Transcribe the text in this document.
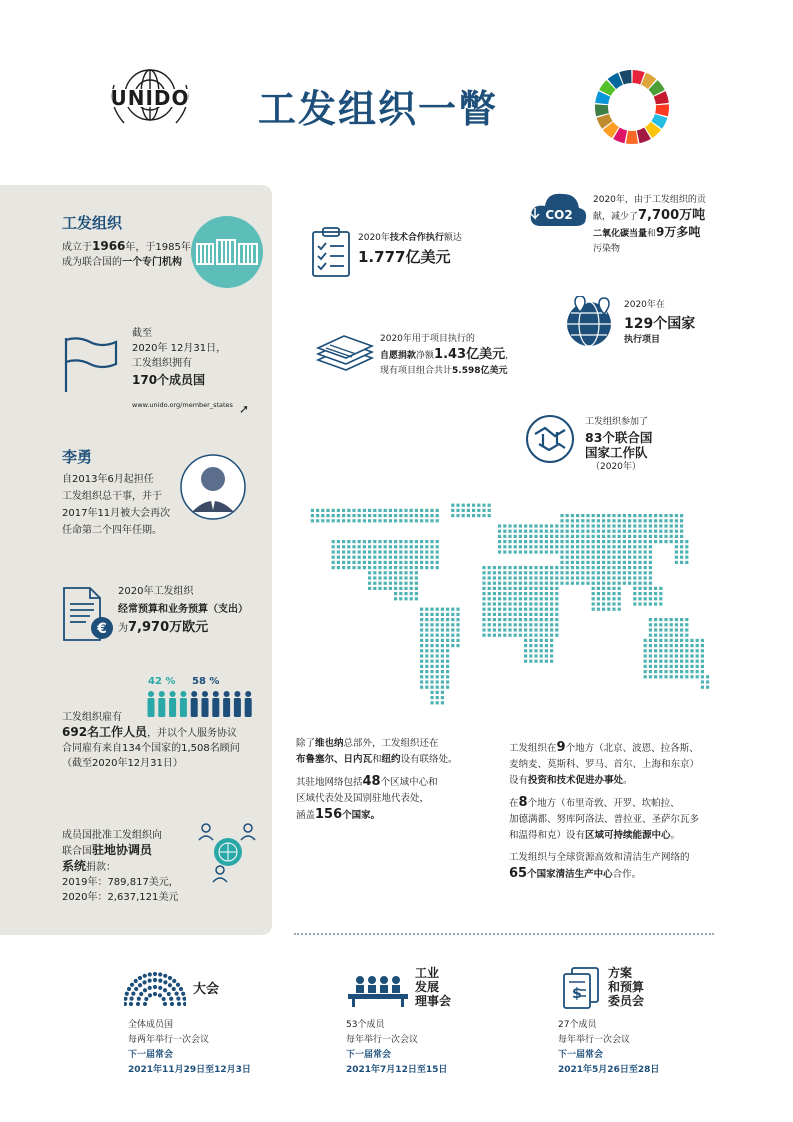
UNIDO 工发组织一瞥
工发组织
成立于1966年，于1985年
成为联合国的一个专门机构
截至
2020年 12月31日，
工发组织拥有
170个成员国
www.unido.org/member_states ➚
李勇
自2013年6月起担任
工发组织总干事，并于
2017年11月被大会再次
任命第二个四年任期。
€
2020年工发组织
经常预算和业务预算（支出）
为7,970万欧元
42 % 58 %
工发组织雇有
692名工作人员，并以个人服务协议
合同雇有来自134个国家的1,508名顾问
（截至2020年12月31日）
成员国批准工发组织向
联合国驻地协调员
系统捐款：
2019年：789,817美元，
2020年：2,637,121美元
2020年技术合作执行额达
1.777亿美元
CO2
2020年，由于工发组织的贡
献，减少了7,700万吨
二氧化碳当量和9万多吨
污染物
2020年在
129个国家
执行项目
2020年用于项目执行的
自愿捐款净额1.43亿美元，
现有项目组合共计5.598亿美元
工发组织参加了
83个联合国
国家工作队
（2020年）
除了维也纳总部外，工发组织还在
布鲁塞尔、日内瓦和纽约设有联络处。
其驻地网络包括48个区域中心和
区域代表处及国别驻地代表处，
涵盖156个国家。
工发组织在9个地方（北京、波恩、拉各斯、
麦纳麦、莫斯科、罗马、首尔、上海和东京）
设有投资和技术促进办事处。
在8个地方（布里奇敦、开罗、坎帕拉、
加德满都、努库阿洛法、普拉亚、圣萨尔瓦多
和温得和克）设有区域可持续能源中心。
工发组织与全球资源高效和清洁生产网络的
65个国家清洁生产中心合作。
大会
全体成员国
每两年举行一次会议
下一届常会
2021年11月29日至12月3日
工业
发展
理事会
53个成员
每年举行一次会议
下一届常会
2021年7月12日至15日
$
方案
和预算
委员会
27个成员
每年举行一次会议
下一届常会
2021年5月26日至28日
